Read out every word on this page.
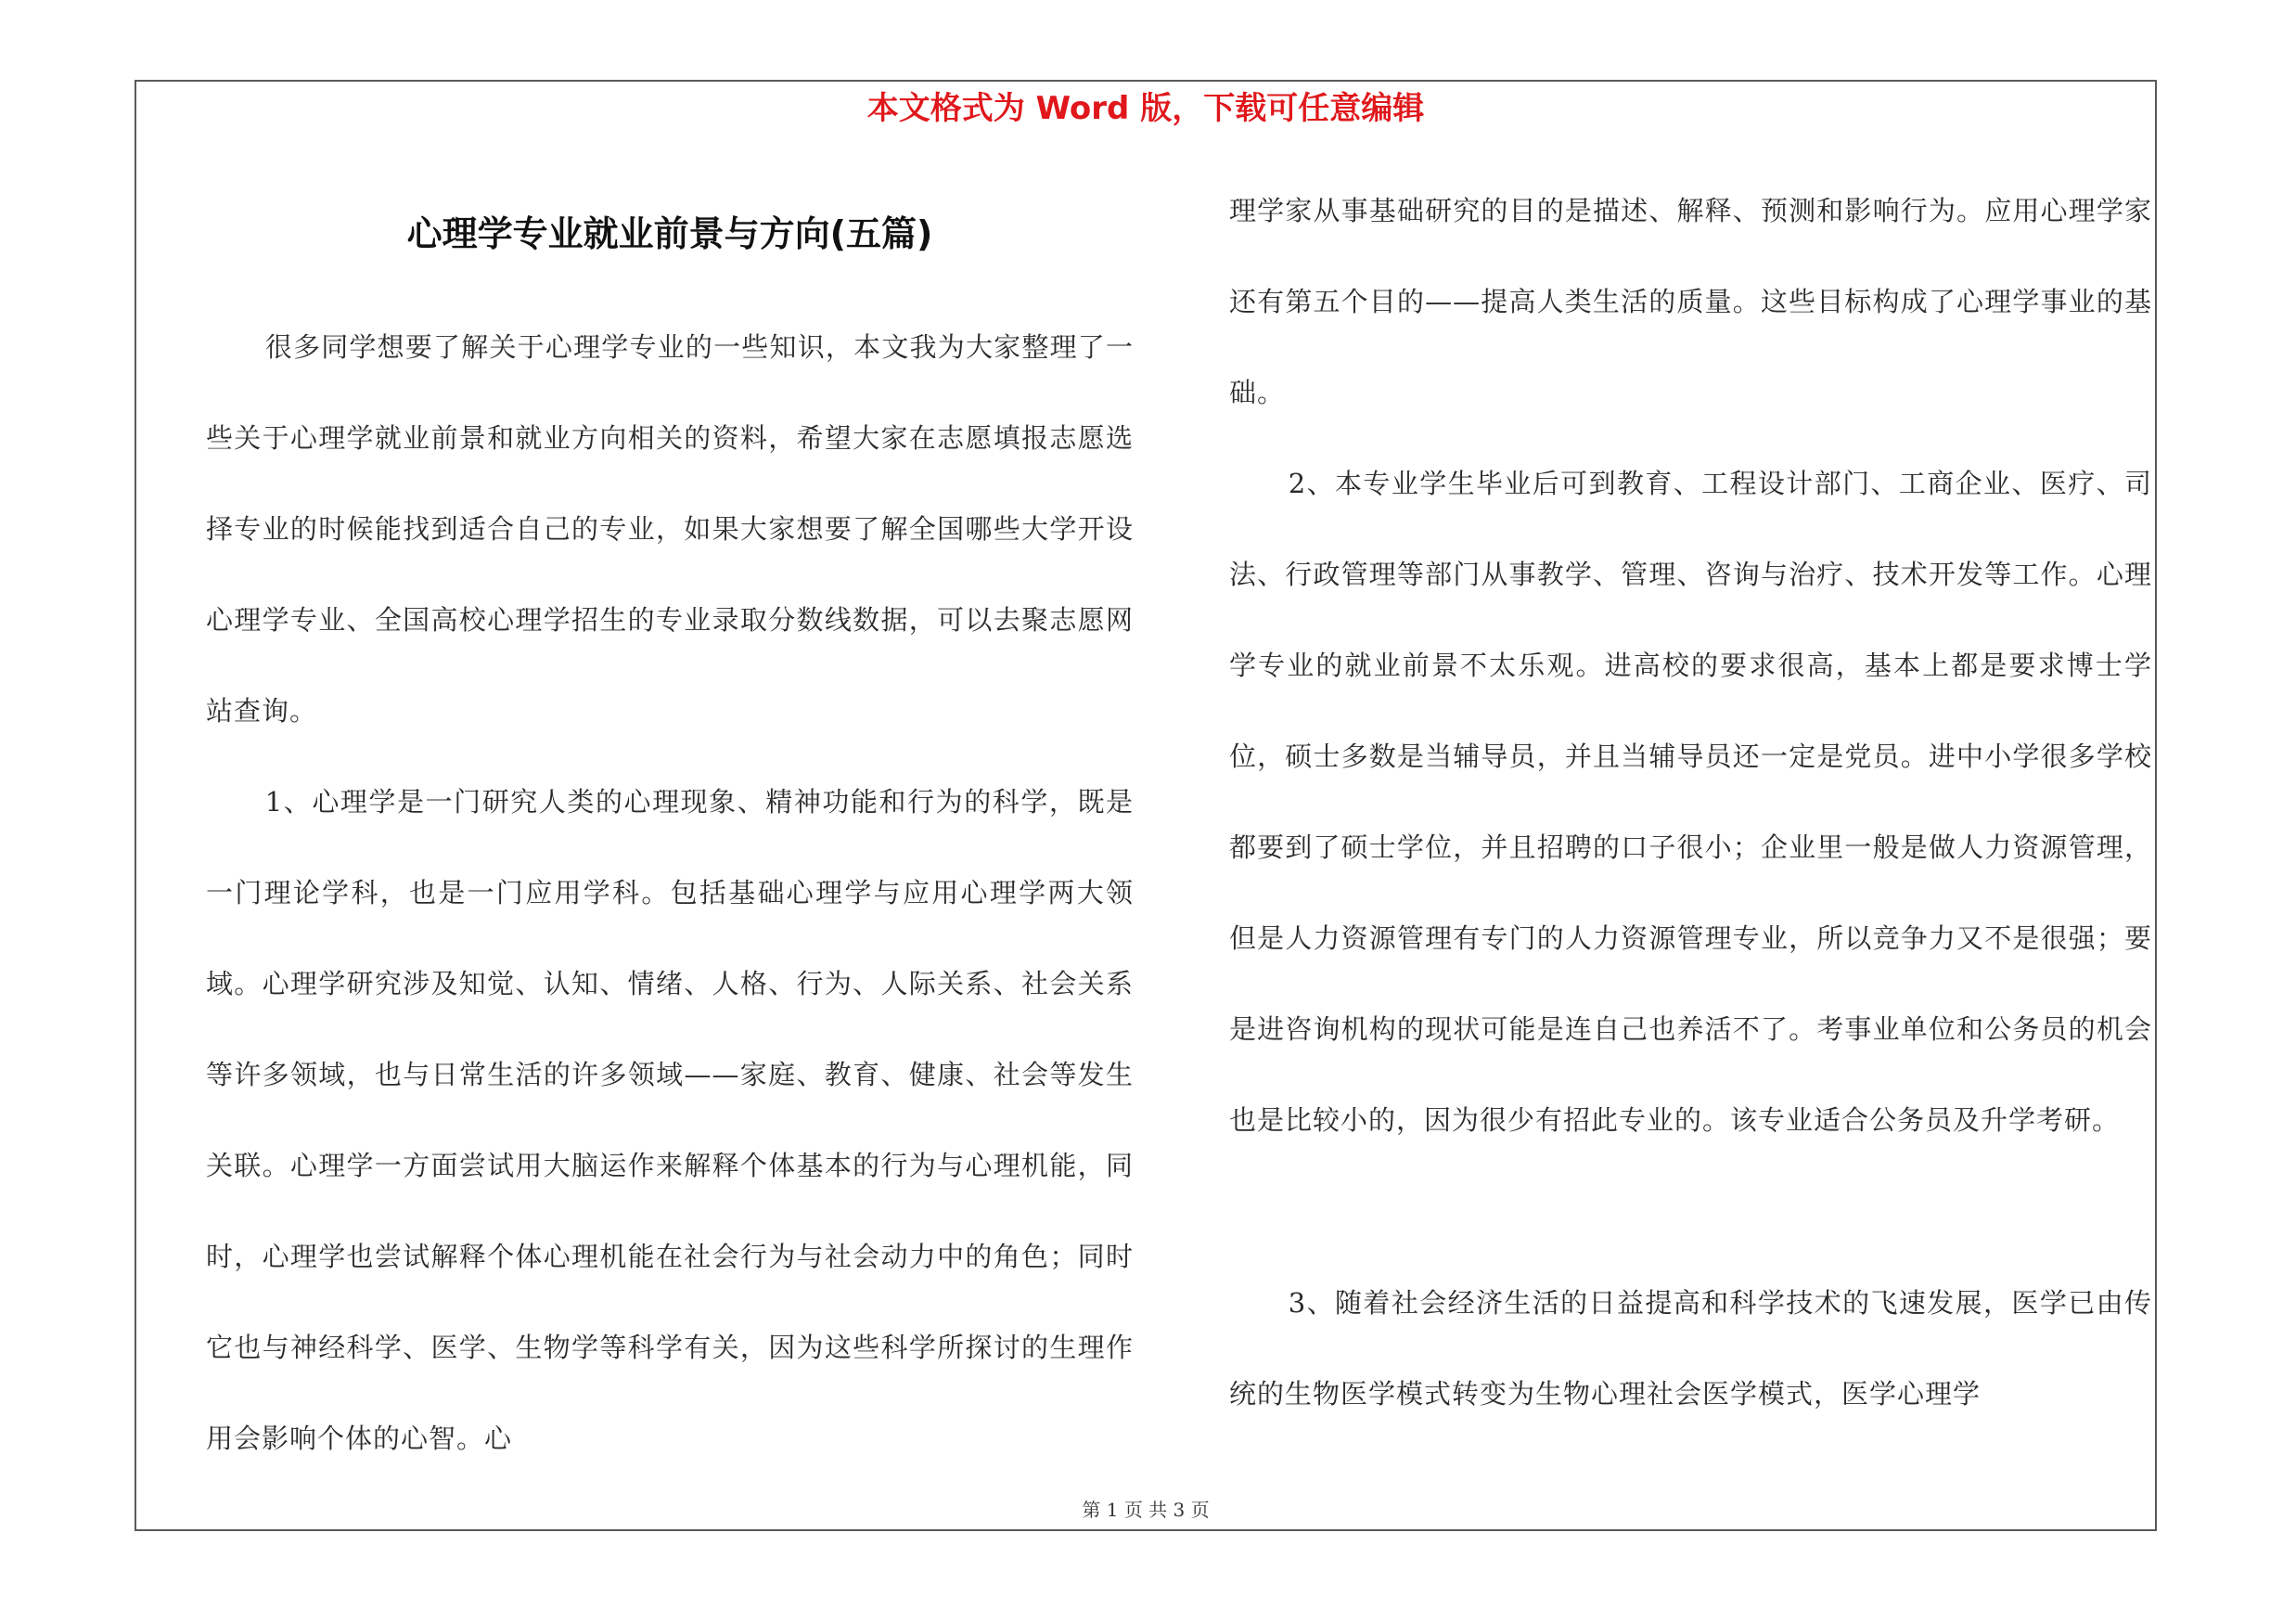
本文格式为 Word 版，下载可任意编辑
心理学专业就业前景与方向(五篇)

很多同学想要了解关于心理学专业的一些知识，本文我为大家整理了一些关于心理学就业前景和就业方向相关的资料，希望大家在志愿填报志愿选择专业的时候能找到适合自己的专业，如果大家想要了解全国哪些大学开设心理学专业、全国高校心理学招生的专业录取分数线数据，可以去聚志愿网站查询。

1、心理学是一门研究人类的心理现象、精神功能和行为的科学，既是一门理论学科，也是一门应用学科。包括基础心理学与应用心理学两大领域。心理学研究涉及知觉、认知、情绪、人格、行为、人际关系、社会关系等许多领域，也与日常生活的许多领域——家庭、教育、健康、社会等发生关联。心理学一方面尝试用大脑运作来解释个体基本的行为与心理机能，同时，心理学也尝试解释个体心理机能在社会行为与社会动力中的角色；同时它也与神经科学、医学、生物学等科学有关，因为这些科学所探讨的生理作用会影响个体的心智。心

理学家从事基础研究的目的是描述、解释、预测和影响行为。应用心理学家还有第五个目的——提高人类生活的质量。这些目标构成了心理学事业的基础。

2、本专业学生毕业后可到教育、工程设计部门、工商企业、医疗、司法、行政管理等部门从事教学、管理、咨询与治疗、技术开发等工作。心理学专业的就业前景不太乐观。进高校的要求很高，基本上都是要求博士学位，硕士多数是当辅导员，并且当辅导员还一定是党员。进中小学很多学校都要到了硕士学位，并且招聘的口子很小；企业里一般是做人力资源管理，但是人力资源管理有专门的人力资源管理专业，所以竞争力又不是很强；要是进咨询机构的现状可能是连自己也养活不了。考事业单位和公务员的机会也是比较小的，因为很少有招此专业的。该专业适合公务员及升学考研。

3、随着社会经济生活的日益提高和科学技术的飞速发展，医学已由传统的生物医学模式转变为生物心理社会医学模式，医学心理学

第 1 页 共 3 页
